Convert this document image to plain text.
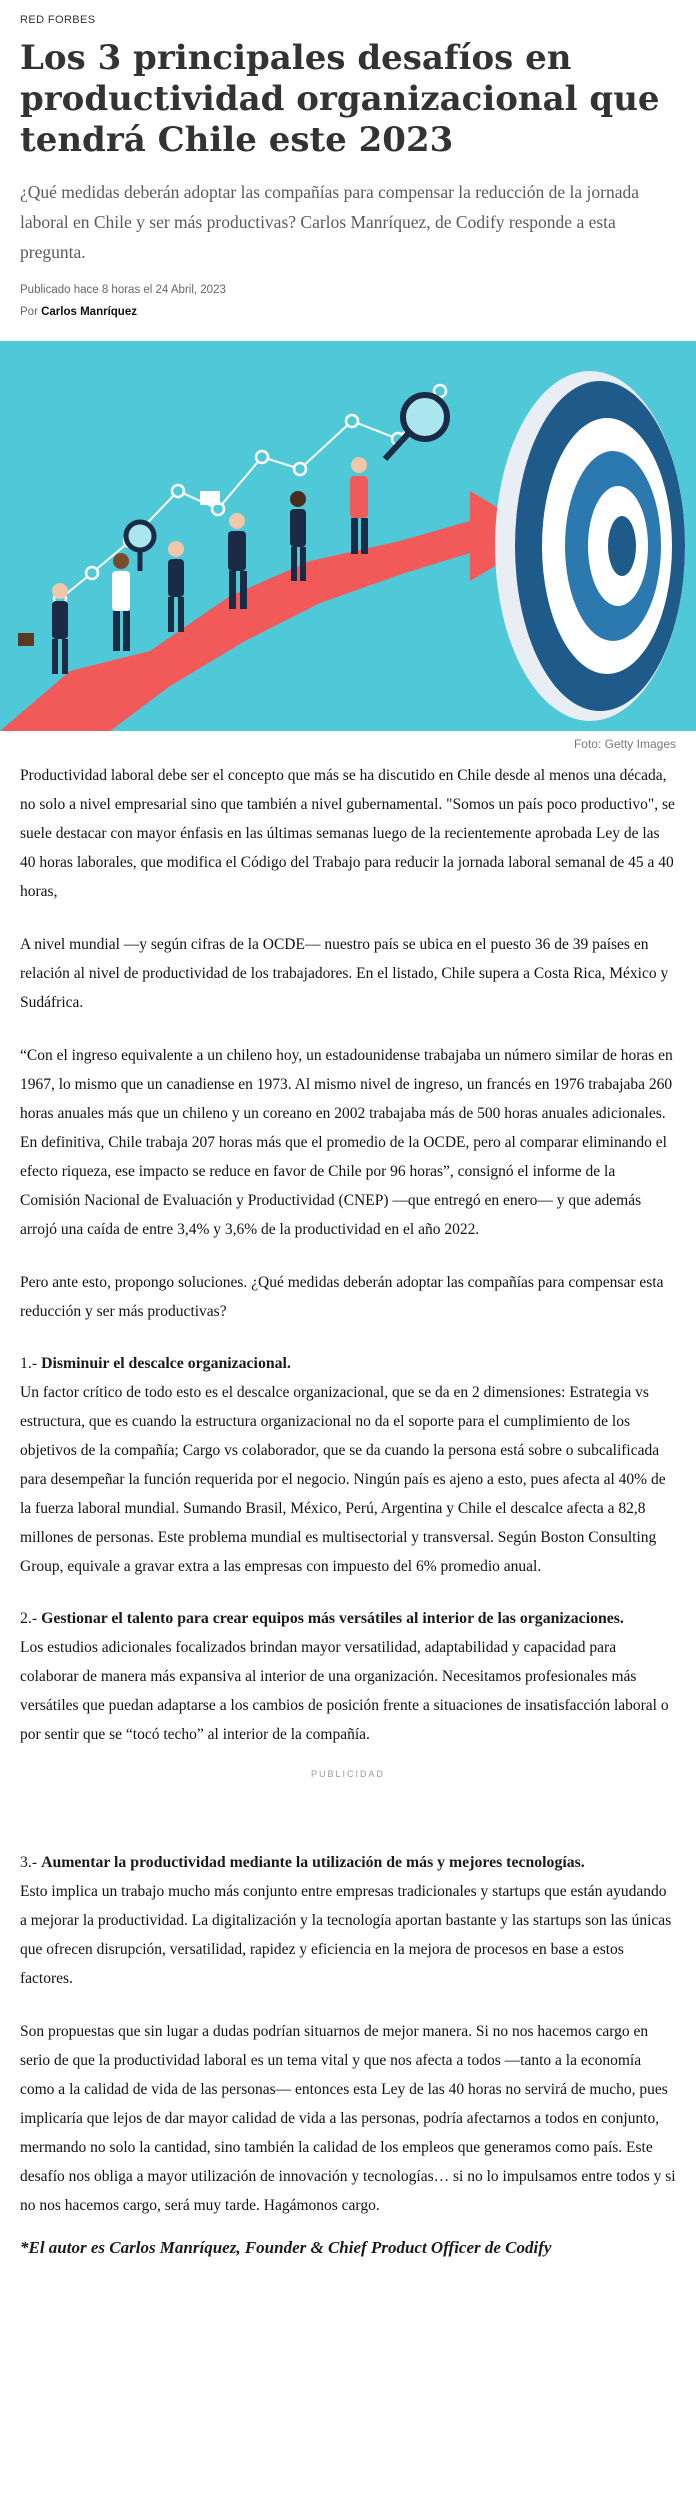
RED FORBES
Los 3 principales desafíos en productividad organizacional que tendrá Chile este 2023

¿Qué medidas deberán adoptar las compañías para compensar la reducción de la jornada laboral en Chile y ser más productivas? Carlos Manríquez, de Codify responde a esta pregunta.

Publicado hace 8 horas el 24 Abril, 2023
Por Carlos Manríquez
Foto: Getty Images

Productividad laboral debe ser el concepto que más se ha discutido en Chile desde al menos una década, no solo a nivel empresarial sino que también a nivel gubernamental. "Somos un país poco productivo", se suele destacar con mayor énfasis en las últimas semanas luego de la recientemente aprobada Ley de las 40 horas laborales, que modifica el Código del Trabajo para reducir la jornada laboral semanal de 45 a 40 horas,

A nivel mundial —y según cifras de la OCDE— nuestro país se ubica en el puesto 36 de 39 países en relación al nivel de productividad de los trabajadores. En el listado, Chile supera a Costa Rica, México y Sudáfrica.

“Con el ingreso equivalente a un chileno hoy, un estadounidense trabajaba un número similar de horas en 1967, lo mismo que un canadiense en 1973. Al mismo nivel de ingreso, un francés en 1976 trabajaba 260 horas anuales más que un chileno y un coreano en 2002 trabajaba más de 500 horas anuales adicionales. En definitiva, Chile trabaja 207 horas más que el promedio de la OCDE, pero al comparar eliminando el efecto riqueza, ese impacto se reduce en favor de Chile por 96 horas”, consignó el informe de la Comisión Nacional de Evaluación y Productividad (CNEP) —que entregó en enero— y que además arrojó una caída de entre 3,4% y 3,6% de la productividad en el año 2022.

Pero ante esto, propongo soluciones. ¿Qué medidas deberán adoptar las compañías para compensar esta reducción y ser más productivas?

1.- Disminuir el descalce organizacional.

Un factor crítico de todo esto es el descalce organizacional, que se da en 2 dimensiones: Estrategia vs estructura, que es cuando la estructura organizacional no da el soporte para el cumplimiento de los objetivos de la compañía; Cargo vs colaborador, que se da cuando la persona está sobre o subcalificada para desempeñar la función requerida por el negocio. Ningún país es ajeno a esto, pues afecta al 40% de la fuerza laboral mundial. Sumando Brasil, México, Perú, Argentina y Chile el descalce afecta a 82,8 millones de personas. Este problema mundial es multisectorial y transversal. Según Boston Consulting Group, equivale a gravar extra a las empresas con impuesto del 6% promedio anual.

2.- Gestionar el talento para crear equipos más versátiles al interior de las organizaciones.

Los estudios adicionales focalizados brindan mayor versatilidad, adaptabilidad y capacidad para colaborar de manera más expansiva al interior de una organización. Necesitamos profesionales más versátiles que puedan adaptarse a los cambios de posición frente a situaciones de insatisfacción laboral o por sentir que se “tocó techo” al interior de la compañía.

PUBLICIDAD
3.- Aumentar la productividad mediante la utilización de más y mejores tecnologías.

Esto implica un trabajo mucho más conjunto entre empresas tradicionales y startups que están ayudando a mejorar la productividad. La digitalización y la tecnología aportan bastante y las startups son las únicas que ofrecen disrupción, versatilidad, rapidez y eficiencia en la mejora de procesos en base a estos factores.

Son propuestas que sin lugar a dudas podrían situarnos de mejor manera. Si no nos hacemos cargo en serio de que la productividad laboral es un tema vital y que nos afecta a todos —tanto a la economía como a la calidad de vida de las personas— entonces esta Ley de las 40 horas no servirá de mucho, pues implicaría que lejos de dar mayor calidad de vida a las personas, podría afectarnos a todos en conjunto, mermando no solo la cantidad, sino también la calidad de los empleos que generamos como país. Este desafío nos obliga a mayor utilización de innovación y tecnologías… si no lo impulsamos entre todos y si no nos hacemos cargo, será muy tarde. Hagámonos cargo.

*El autor es Carlos Manríquez, Founder & Chief Product Officer de Codify
